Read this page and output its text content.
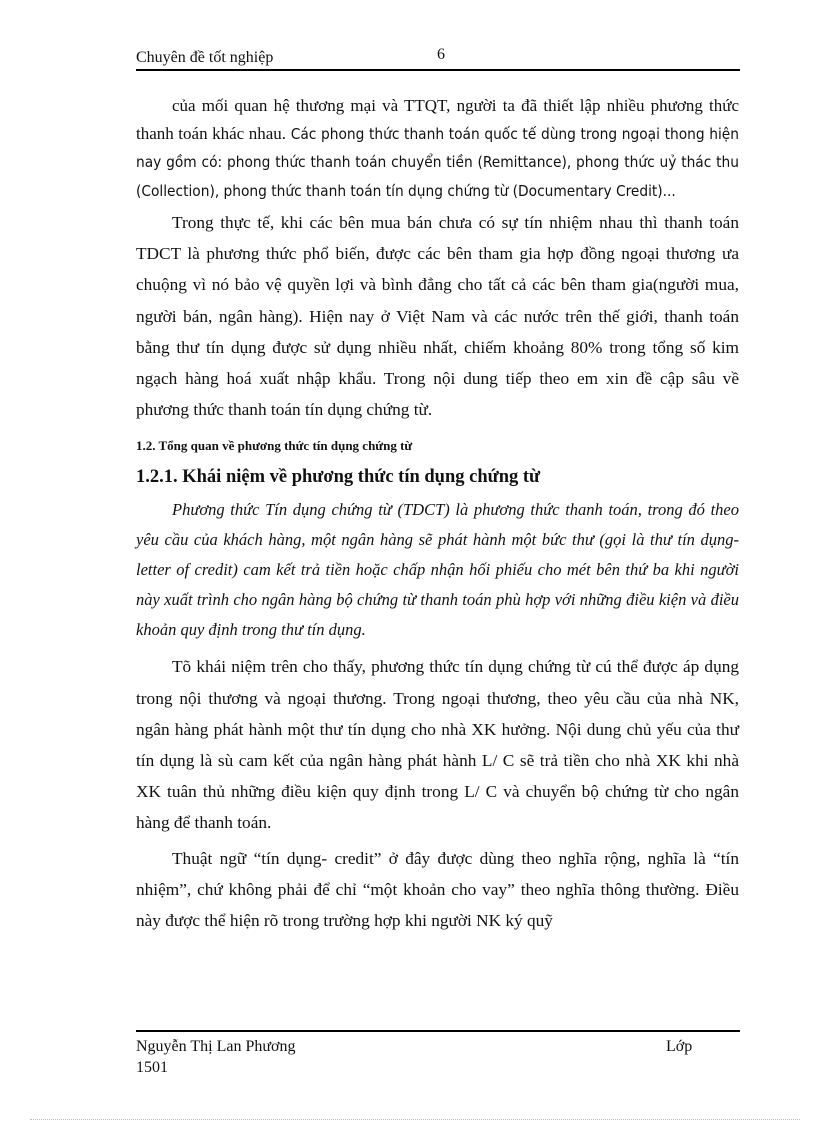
Chuyên đề tốt nghiệp	6

của mối quan hệ thương mại và TTQT, người ta đã thiết lập nhiều phương thức thanh toán khác nhau. Các phong thức thanh toán quốc tế dùng trong ngoại thong hiện nay gồm có: phong thức thanh toán chuyển tiền (Remittance), phong thức uỷ thác thu (Collection), phong thức thanh toán tín dụng chứng từ (Documentary Credit)...

Trong thực tế, khi các bên mua bán chưa có sự tín nhiệm nhau thì thanh toán TDCT là phương thức phổ biến, được các bên tham gia hợp đồng ngoại thương ưa chuộng vì nó bảo vệ quyền lợi và bình đẳng cho tất cả các bên tham gia(người mua, người bán, ngân hàng). Hiện nay ở Việt Nam và các nước trên thế giới, thanh toán bằng thư tín dụng được sử dụng nhiều nhất, chiếm khoảng 80% trong tổng số kim ngạch hàng hoá xuất nhập khẩu. Trong nội dung tiếp theo em xin đề cập sâu về phương thức thanh toán tín dụng chứng từ.

1.2. Tổng quan về phương thức tín dụng chứng từ

1.2.1. Khái niệm về phương thức tín dụng chứng từ

Phương thức Tín dụng chứng từ (TDCT) là phương thức thanh toán, trong đó theo yêu cầu của khách hàng, một ngân hàng sẽ phát hành một bức thư (gọi là thư tín dụng- letter of credit) cam kết trả tiền hoặc chấp nhận hối phiếu cho mét bên thứ ba khi người này xuất trình cho ngân hàng bộ chứng từ thanh toán phù hợp với những điều kiện và điều khoản quy định trong thư tín dụng.

Tõ khái niệm trên cho thấy, phương thức tín dụng chứng từ cú thể được áp dụng trong nội thương và ngoại thương. Trong ngoại thương, theo yêu cầu của nhà NK, ngân hàng phát hành một thư tín dụng cho nhà XK hưởng. Nội dung chủ yếu của thư tín dụng là sù cam kết của ngân hàng phát hành L/ C sẽ trả tiền cho nhà XK khi nhà XK tuân thủ những điều kiện quy định trong L/ C và chuyển bộ chứng từ cho ngân hàng để thanh toán.

Thuật ngữ “tín dụng- credit” ở đây được dùng theo nghĩa rộng, nghĩa là “tín nhiệm”, chứ không phải để chỉ “một khoản cho vay” theo nghĩa thông thường. Điều này được thể hiện rõ trong trường hợp khi người NK ký quỹ

Nguyễn Thị Lan Phương	Lớp
1501
